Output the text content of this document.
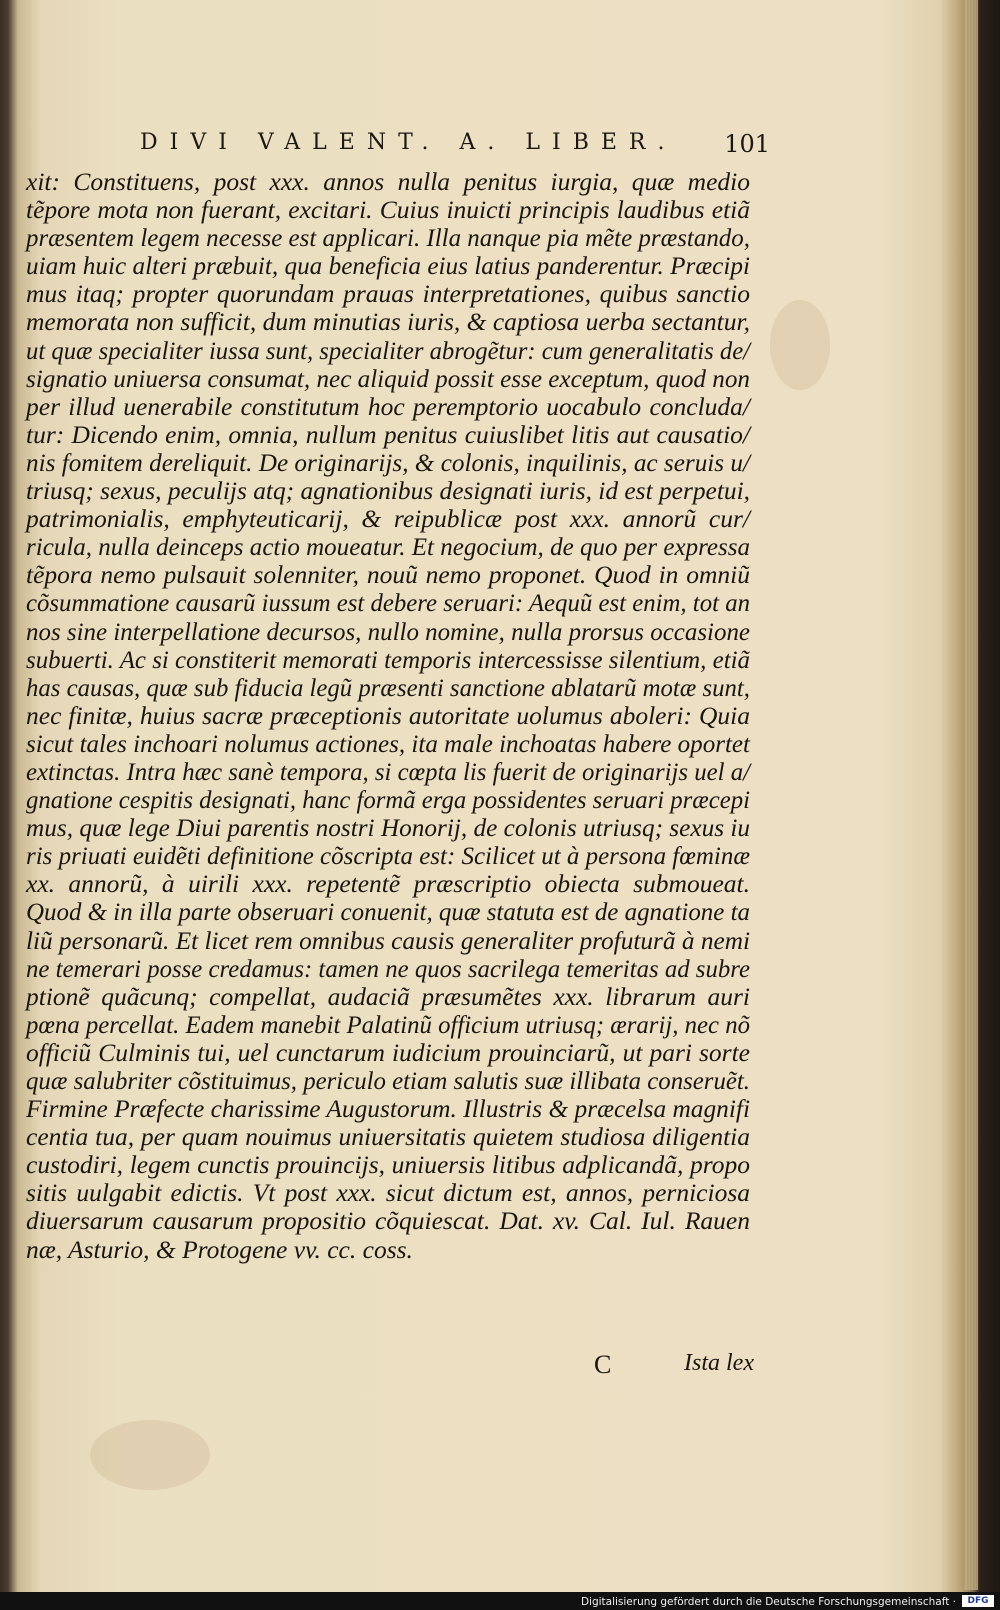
DIVI VALENT. A. LIBER. 101
xit: Constituens, post xxx. annos nulla penitus iurgia, quæ medio
tẽpore mota non fuerant, excitari. Cuius inuicti principis laudibus etiã
præsentem legem necesse est applicari. Illa nanque pia mẽte præstando,
uiam huic alteri præbuit, qua beneficia eius latius panderentur. Præcipi
mus itaq; propter quorundam prauas interpretationes, quibus sanctio
memorata non sufficit, dum minutias iuris, & captiosa uerba sectantur,
ut quæ specialiter iussa sunt, specialiter abrogẽtur: cum generalitatis de/
signatio uniuersa consumat, nec aliquid possit esse exceptum, quod non
per illud uenerabile constitutum hoc peremptorio uocabulo concluda/
tur: Dicendo enim, omnia, nullum penitus cuiuslibet litis aut causatio/
nis fomitem dereliquit. De originarijs, & colonis, inquilinis, ac seruis u/
triusq; sexus, peculijs atq; agnationibus designati iuris, id est perpetui,
patrimonialis, emphyteuticarij, & reipublicæ post xxx. annorũ cur/
ricula, nulla deinceps actio moueatur. Et negocium, de quo per expressa
tẽpora nemo pulsauit solenniter, nouũ nemo proponet. Quod in omniũ
cõsummatione causarũ iussum est debere seruari: Aequũ est enim, tot an
nos sine interpellatione decursos, nullo nomine, nulla prorsus occasione
subuerti. Ac si constiterit memorati temporis intercessisse silentium, etiã
has causas, quæ sub fiducia legũ præsenti sanctione ablatarũ motæ sunt,
nec finitæ, huius sacræ præceptionis autoritate uolumus aboleri: Quia
sicut tales inchoari nolumus actiones, ita male inchoatas habere oportet
extinctas. Intra hæc sanè tempora, si cœpta lis fuerit de originarijs uel a/
gnatione cespitis designati, hanc formã erga possidentes seruari præcepi
mus, quæ lege Diui parentis nostri Honorij, de colonis utriusq; sexus iu
ris priuati euidẽti definitione cõscripta est: Scilicet ut à persona fœminæ
xx. annorũ, à uirili xxx. repetentẽ præscriptio obiecta submoueat.
Quod & in illa parte obseruari conuenit, quæ statuta est de agnatione ta
liũ personarũ. Et licet rem omnibus causis generaliter profuturã à nemi
ne temerari posse credamus: tamen ne quos sacrilega temeritas ad subre
ptionẽ quãcunq; compellat, audaciã præsumẽtes xxx. librarum auri
pœna percellat. Eadem manebit Palatinũ officium utriusq; ærarij, nec nõ
officiũ Culminis tui, uel cunctarum iudicium prouinciarũ, ut pari sorte
quæ salubriter cõstituimus, periculo etiam salutis suæ illibata conseruẽt.
Firmine Præfecte charissime Augustorum. Illustris & præcelsa magnifi
centia tua, per quam nouimus uniuersitatis quietem studiosa diligentia
custodiri, legem cunctis prouincijs, uniuersis litibus adplicandã, propo
sitis uulgabit edictis. Vt post xxx. sicut dictum est, annos, perniciosa
diuersarum causarum propositio cõquiescat. Dat. xv. Cal. Iul. Rauen
næ, Asturio, & Protogene vv. cc. coss.
C	Ista lex
Digitalisierung gefördert durch die Deutsche Forschungsgemeinschaft ·	DFG
